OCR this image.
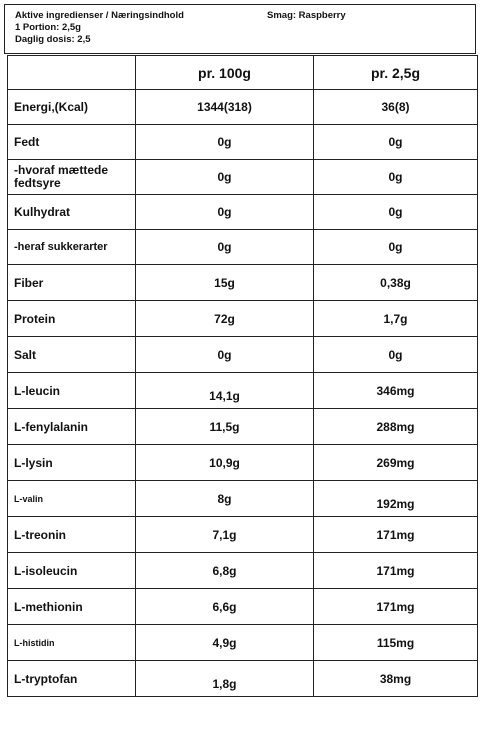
Aktive ingredienser / Næringsindhold	Smag: Raspberry
1 Portion: 2,5g
Daglig dosis: 2,5
	pr. 100g	pr. 2,5g
Energi,(Kcal)	1344(318)	36(8)
Fedt	0g	0g
-hvoraf mættede fedtsyre	0g	0g
Kulhydrat	0g	0g
-heraf sukkerarter	0g	0g
Fiber	15g	0,38g
Protein	72g	1,7g
Salt	0g	0g
L-leucin	14,1g	346mg
L-fenylalanin	11,5g	288mg
L-lysin	10,9g	269mg
L-valin	8g	192mg
L-treonin	7,1g	171mg
L-isoleucin	6,8g	171mg
L-methionin	6,6g	171mg
L-histidin	4,9g	115mg
L-tryptofan	1,8g	38mg
